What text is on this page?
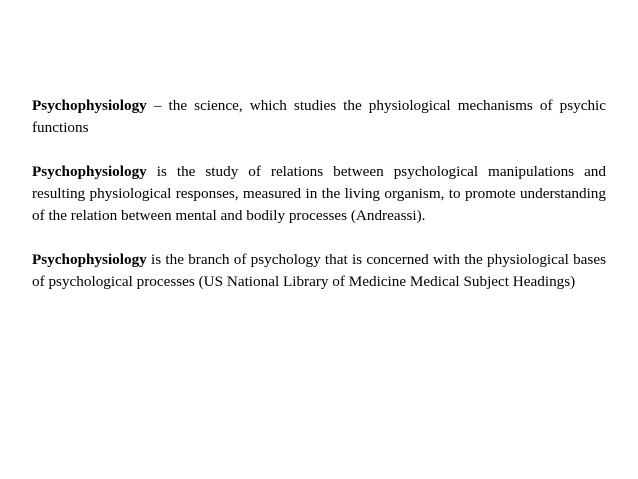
Psychophysiology – the science, which studies the physiological mechanisms of psychic functions

Psychophysiology is the study of relations between psychological manipulations and resulting physiological responses, measured in the living organism, to promote understanding of the relation between mental and bodily processes (Andreassi).

Psychophysiology is the branch of psychology that is concerned with the physiological bases of psychological processes (US National Library of Medicine Medical Subject Headings)
